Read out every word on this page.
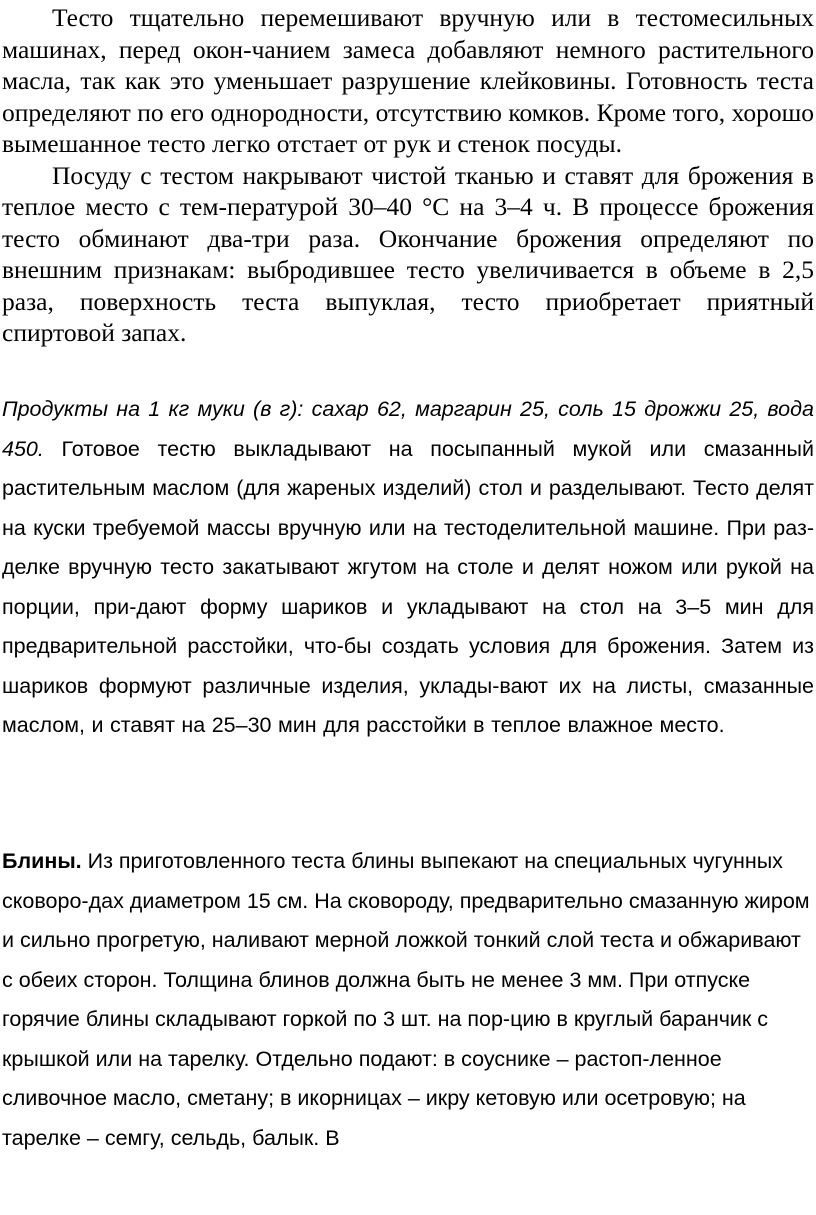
Тесто тщательно перемешивают вручную или в тестомесильных машинах, перед окон-чанием замеса добавляют немного растительного масла, так как это уменьшает разрушение клейковины. Готовность теста определяют по его однородности, отсутствию комков. Кроме того, хорошо вымешанное тесто легко отстает от рук и стенок посуды.

Посуду с тестом накрывают чистой тканью и ставят для брожения в теплое место с тем-пературой 30–40 °С на 3–4 ч. В процессе брожения тесто обминают два-три раза. Окончание брожения определяют по внешним признакам: выбродившее тесто увеличивается в объеме в 2,5 раза, поверхность теста выпуклая, тесто приобретает приятный спиртовой запах.

Продукты на 1 кг муки (в г): сахар 62, маргарин 25, соль 15 дрожжи 25, вода 450. Готовое тестю выкладывают на посыпанный мукой или смазанный растительным маслом (для жареных изделий) стол и разделывают. Тесто делят на куски требуемой массы вручную или на тестоделительной машине. При раз-делке вручную тесто закатывают жгутом на столе и делят ножом или рукой на порции, при-дают форму шариков и укладывают на стол на 3–5 мин для предварительной расстойки, что-бы создать условия для брожения. Затем из шариков формуют различные изделия, уклады-вают их на листы, смазанные маслом, и ставят на 25–30 мин для расстойки в теплое влажное место.

Блины. Из приготовленного теста блины выпекают на специальных чугунных сковоро-дах диаметром 15 см. На сковороду, предварительно смазанную жиром и сильно прогретую, наливают мерной ложкой тонкий слой теста и обжаривают с обеих сторон. Толщина блинов должна быть не менее 3 мм. При отпуске горячие блины складывают горкой по 3 шт. на пор-цию в круглый баранчик с крышкой или на тарелку. Отдельно подают: в соуснике – растоп-ленное сливочное масло, сметану; в икорницах – икру кетовую или осетровую; на тарелке – семгу, сельдь, балык. В
